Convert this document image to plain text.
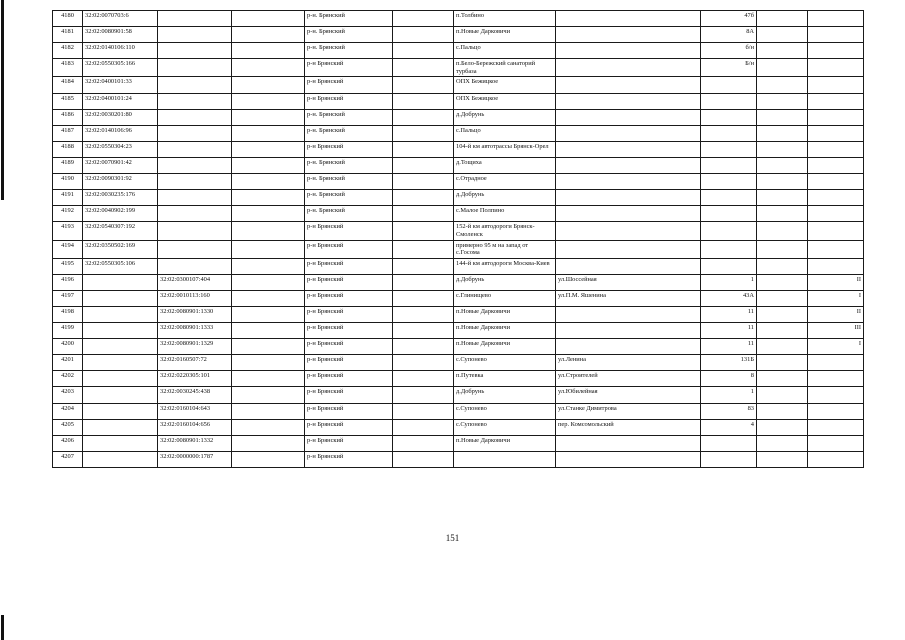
4180	32:02:0070703:6			р-н. Брянский		п.Толбино		47б		
4181	32:02:0080901:58			р-н. Брянский		п.Новые Дарковичи		8А		
4182	32:02:0140106:110			р-н. Брянский		с.Пальцо		б/н		
4183	32:02:0550305:166			р-н Брянский		п.Бело-Бережский санаторий турбаза		Б/н		
4184	32:02:0400101:33			р-н Брянский		ОПХ Бежицкое				
4185	32:02:0400101:24			р-н Брянский		ОПХ Бежицкое				
4186	32:02:0030201:80			р-н. Брянский		д.Добрунь				
4187	32:02:0140106:96			р-н. Брянский		с.Пальцо				
4188	32:02:0550304:23			р-н Брянский		104-й км автотрассы Брянск-Орел				
4189	32:02:0070901:42			р-н. Брянский		д.Тощиха				
4190	32:02:0090301:92			р-н. Брянский		с.Отрадное				
4191	32:02:0030235:176			р-н. Брянский		д.Добрунь				
4192	32:02:0040902:199			р-н. Брянский		с.Малое Полпино				
4193	32:02:0540307:192			р-н Брянский		152-й км автодороги Брянск-Смоленск				
4194	32:02:0350502:169			р-н Брянский		примерно 95 м на запад от с.Госома				
4195	32:02:0550305:106			р-н Брянский		144-й км автодороги Москва-Киев				
4196		32:02:0300107:404		р-н Брянский		д.Добрунь	ул.Шоссейная	1		II
4197		32:02:0010113:160		р-н Брянский		с.Глинищево	ул.П.М. Яшенина	43А		I
4198		32:02:0080901:1330		р-н Брянский		п.Новые Дарковичи		11		II
4199		32:02:0080901:1333		р-н Брянский		п.Новые Дарковичи		11		III
4200		32:02:0080901:1329		р-н Брянский		п.Новые Дарковичи		11		I
4201		32:02:0160507:72		р-н Брянский		с.Супонево	ул.Ленина	131Б		
4202		32:02:0220305:101		р-н Брянский		п.Путевка	ул.Строителей	8		
4203		32:02:0030245:438		р-н Брянский		д.Добрунь	ул.Юбилейная	1		
4204		32:02:0160104:643		р-н Брянский		с.Супонево	ул.Станке Димитрова	83		
4205		32:02:0160104:656		р-н Брянский		с.Супонево	пер. Комсомольский	4		
4206		32:02:0080901:1332		р-н Брянский		п.Новые Дарковичи				
4207		32:02:0000000:1787		р-н Брянский						
151
